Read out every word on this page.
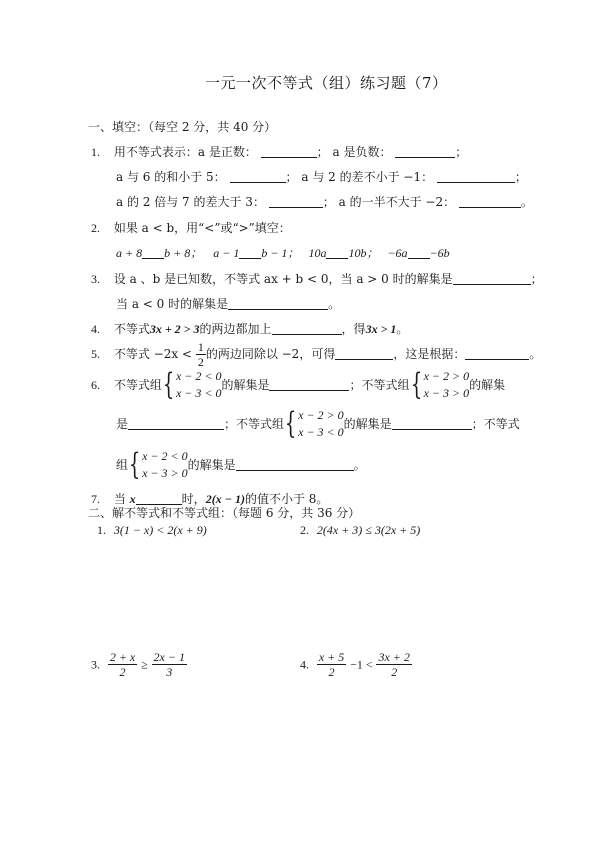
一元一次不等式（组）练习题（7）
一、填空：（每空 2 分，共 40 分）
1. 用不等式表示：a 是正数：	； a 是负数：	；
a 与 6 的和小于 5：	； a 与 2 的差不小于 −1：	；
a 的 2 倍与 7 的差大于 3：	； a 的一半不大于 −2：	。
2. 如果 a < b，用“<”或“>”填空：
a + 8 b + 8； a − 1 b − 1； 10a 10b； −6a −6b
3. 设 a 、b 是已知数，不等式 ax + b < 0，当 a > 0 时的解集是	；
当 a < 0 时的解集是	。
4. 不等式3x + 2 > 3的两边都加上	，得3x > 1。
5. 不等式 $-2x < \frac{1}{2}$ 的两边同除以 −2，可得	，这是根据：	。
6. 不等式组{ x − 2 < 0
x − 3 < 0
的解集是	；不等式组{ x − 2 > 0
x − 3 > 0
的解集
是	；不等式组{ x − 2 > 0
x − 3 < 0
的解集是	；不等式
组{ x − 2 < 0
x − 3 > 0
的解集是	。
7. 当 x	时，2(x − 1)的值不小于 8。
二、解不等式和不等式组：（每题 6 分，共 36 分）
1. 3(1 − x) < 2(x + 9)	2. 2(4x + 3) ≤ 3(2x + 5)
3. $\frac{2 + x}{2} \ge \frac{2x - 1}{3}$	4. $\frac{x + 5}{2} -1 < \frac{3x + 2}{2}$
